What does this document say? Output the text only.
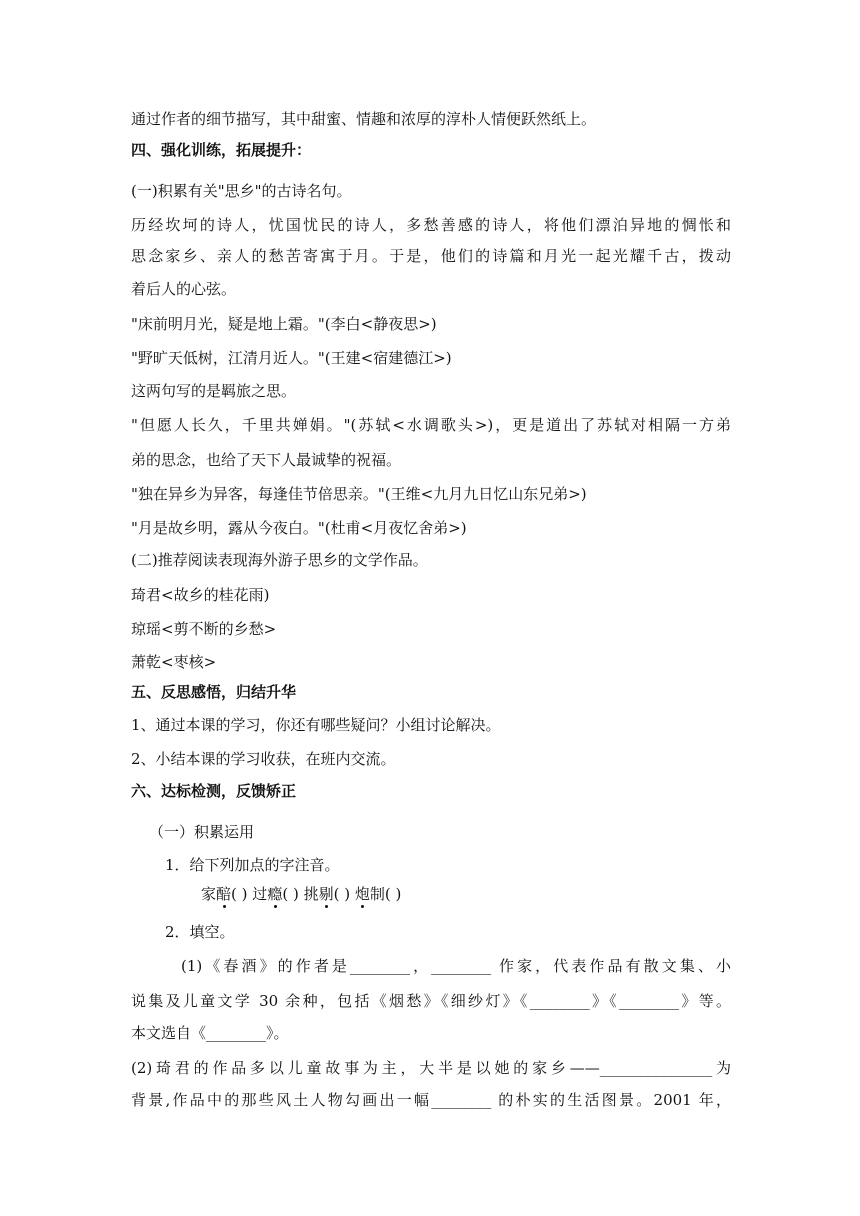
通过作者的细节描写，其中甜蜜、情趣和浓厚的淳朴人情便跃然纸上。
四、强化训练，拓展提升：
(一)积累有关"思乡"的古诗名句。
历经坎坷的诗人，忧国忧民的诗人，多愁善感的诗人，将他们漂泊异地的惆怅和
思念家乡、亲人的愁苦寄寓于月。于是，他们的诗篇和月光一起光耀千古，拨动
着后人的心弦。
"床前明月光，疑是地上霜。"(李白<静夜思>)
"野旷天低树，江清月近人。"(王建<宿建德江>)
这两句写的是羁旅之思。
"但愿人长久，千里共婵娟。"(苏轼<水调歌头>)，更是道出了苏轼对相隔一方弟
弟的思念，也给了天下人最诚挚的祝福。
"独在异乡为异客，每逢佳节倍思亲。"(王维<九月九日忆山东兄弟>)
"月是故乡明，露从今夜白。"(杜甫<月夜忆舍弟>)
(二)推荐阅读表现海外游子思乡的文学作品。
琦君<故乡的桂花雨)
琼瑶<剪不断的乡愁>
萧乾<枣核>
五、反思感悟，归结升华
1、通过本课的学习，你还有哪些疑问？小组讨论解决。
2、小结本课的学习收获，在班内交流。
六、达标检测，反馈矫正
（一）积累运用
1．给下列加点的字注音。
家醅( ) 过瘾( ) 挑剔( ) 炮制( )
2．填空。
(1)《春酒》的作者是________，________ 作家，代表作品有散文集、小
说集及儿童文学 30 余种，包括《烟愁》《细纱灯》《________》《________》等。
本文选自《________》。
(2)琦君的作品多以儿童故事为主，大半是以她的家乡——_______________为
背景,作品中的那些风土人物勾画出一幅________ 的朴实的生活图景。2001 年，
